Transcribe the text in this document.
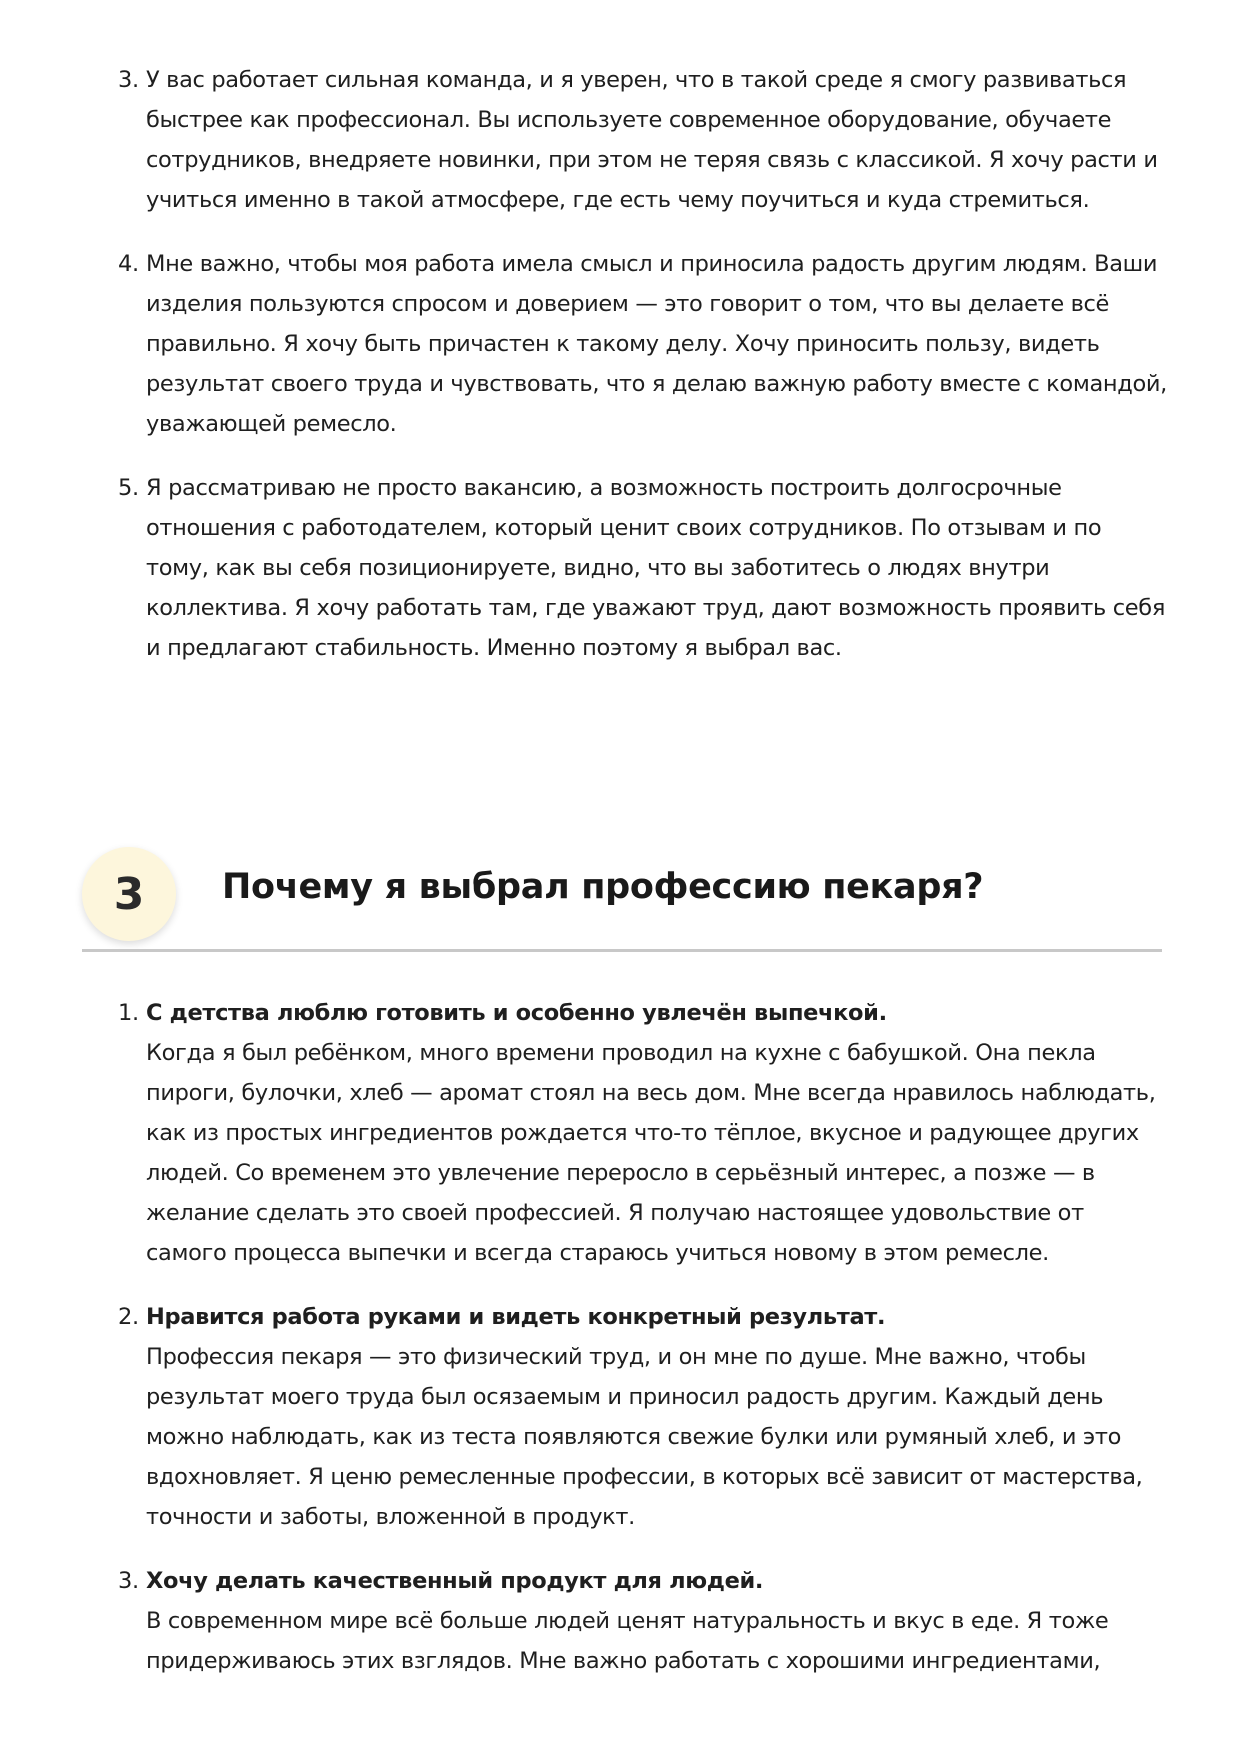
3. У вас работает сильная команда, и я уверен, что в такой среде я смогу развиваться быстрее как профессионал. Вы используете современное оборудование, обучаете сотрудников, внедряете новинки, при этом не теряя связь с классикой. Я хочу расти и учиться именно в такой атмосфере, где есть чему поучиться и куда стремиться.
4. Мне важно, чтобы моя работа имела смысл и приносила радость другим людям. Ваши изделия пользуются спросом и доверием — это говорит о том, что вы делаете всё правильно. Я хочу быть причастен к такому делу. Хочу приносить пользу, видеть результат своего труда и чувствовать, что я делаю важную работу вместе с командой, уважающей ремесло.
5. Я рассматриваю не просто вакансию, а возможность построить долгосрочные отношения с работодателем, который ценит своих сотрудников. По отзывам и по тому, как вы себя позиционируете, видно, что вы заботитесь о людях внутри коллектива. Я хочу работать там, где уважают труд, дают возможность проявить себя и предлагают стабильность. Именно поэтому я выбрал вас.
3	Почему я выбрал профессию пекаря?
1. С детства люблю готовить и особенно увлечён выпечкой.
Когда я был ребёнком, много времени проводил на кухне с бабушкой. Она пекла пироги, булочки, хлеб — аромат стоял на весь дом. Мне всегда нравилось наблюдать, как из простых ингредиентов рождается что-то тёплое, вкусное и радующее других людей. Со временем это увлечение переросло в серьёзный интерес, а позже — в желание сделать это своей профессией. Я получаю настоящее удовольствие от самого процесса выпечки и всегда стараюсь учиться новому в этом ремесле.
2. Нравится работа руками и видеть конкретный результат.
Профессия пекаря — это физический труд, и он мне по душе. Мне важно, чтобы результат моего труда был осязаемым и приносил радость другим. Каждый день можно наблюдать, как из теста появляются свежие булки или румяный хлеб, и это вдохновляет. Я ценю ремесленные профессии, в которых всё зависит от мастерства, точности и заботы, вложенной в продукт.
3. Хочу делать качественный продукт для людей.
В современном мире всё больше людей ценят натуральность и вкус в еде. Я тоже придерживаюсь этих взглядов. Мне важно работать с хорошими ингредиентами,
